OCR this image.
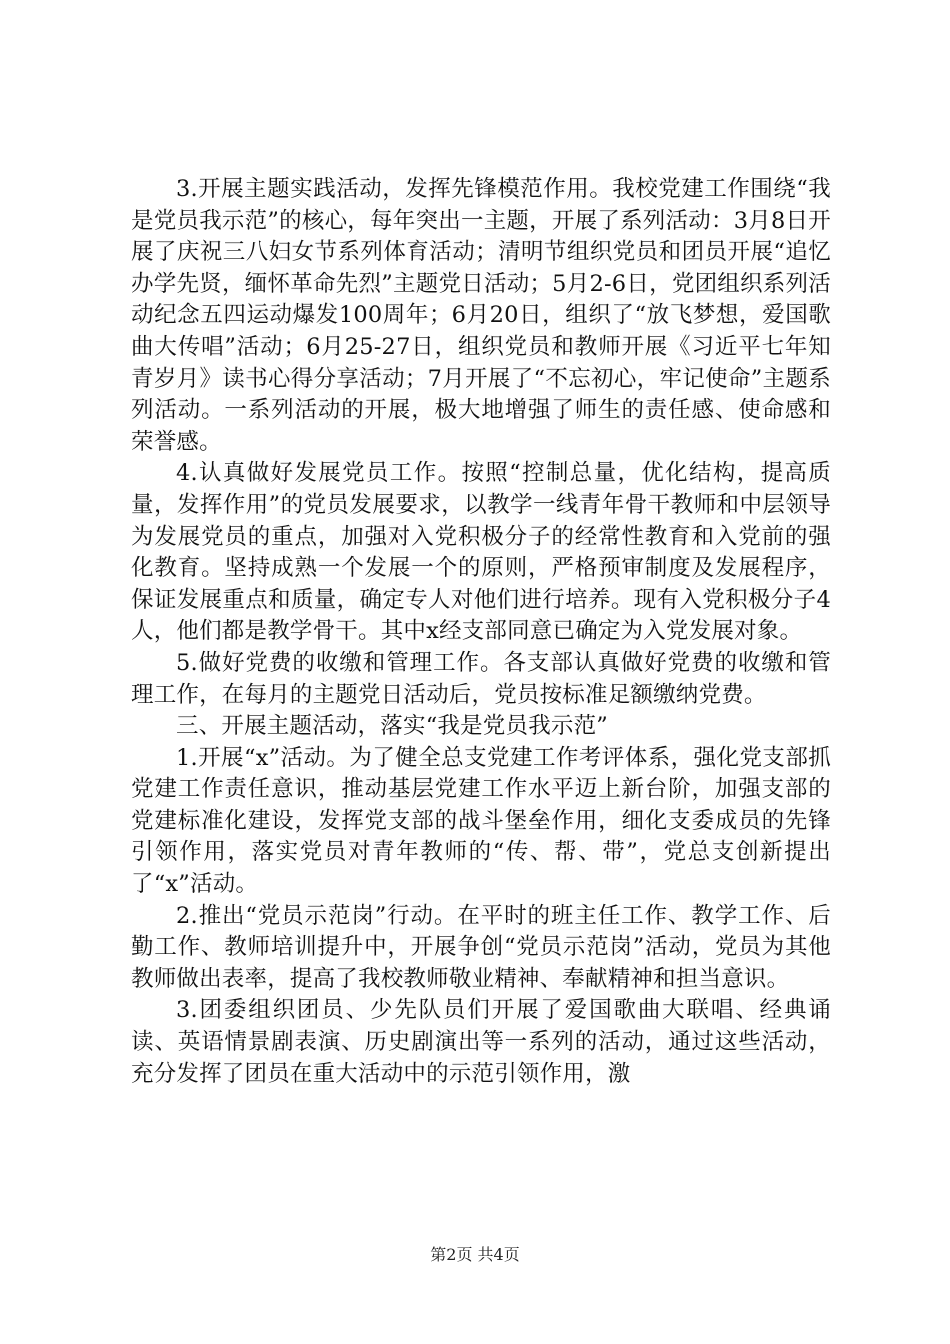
3.开展主题实践活动，发挥先锋模范作用。我校党建工作围绕“我是党员我示范”的核心，每年突出一主题，开展了系列活动：3月8日开展了庆祝三八妇女节系列体育活动；清明节组织党员和团员开展“追忆办学先贤，缅怀革命先烈”主题党日活动；5月2-6日，党团组织系列活动纪念五四运动爆发100周年；6月20日，组织了“放飞梦想，爱国歌曲大传唱”活动；6月25-27日，组织党员和教师开展《习近平七年知青岁月》读书心得分享活动；7月开展了“不忘初心，牢记使命”主题系列活动。一系列活动的开展，极大地增强了师生的责任感、使命感和荣誉感。

4.认真做好发展党员工作。按照“控制总量，优化结构，提高质量，发挥作用”的党员发展要求，以教学一线青年骨干教师和中层领导为发展党员的重点，加强对入党积极分子的经常性教育和入党前的强化教育。坚持成熟一个发展一个的原则，严格预审制度及发展程序，保证发展重点和质量，确定专人对他们进行培养。现有入党积极分子4人，他们都是教学骨干。其中x经支部同意已确定为入党发展对象。

5.做好党费的收缴和管理工作。各支部认真做好党费的收缴和管理工作，在每月的主题党日活动后，党员按标准足额缴纳党费。

三、开展主题活动，落实“我是党员我示范”

1.开展“x”活动。为了健全总支党建工作考评体系，强化党支部抓党建工作责任意识，推动基层党建工作水平迈上新台阶，加强支部的党建标准化建设，发挥党支部的战斗堡垒作用，细化支委成员的先锋引领作用，落实党员对青年教师的“传、帮、带”，党总支创新提出了“x”活动。

2.推出“党员示范岗”行动。在平时的班主任工作、教学工作、后勤工作、教师培训提升中，开展争创“党员示范岗”活动，党员为其他教师做出表率，提高了我校教师敬业精神、奉献精神和担当意识。

3.团委组织团员、少先队员们开展了爱国歌曲大联唱、经典诵读、英语情景剧表演、历史剧演出等一系列的活动，通过这些活动，充分发挥了团员在重大活动中的示范引领作用，激

第2页 共4页
